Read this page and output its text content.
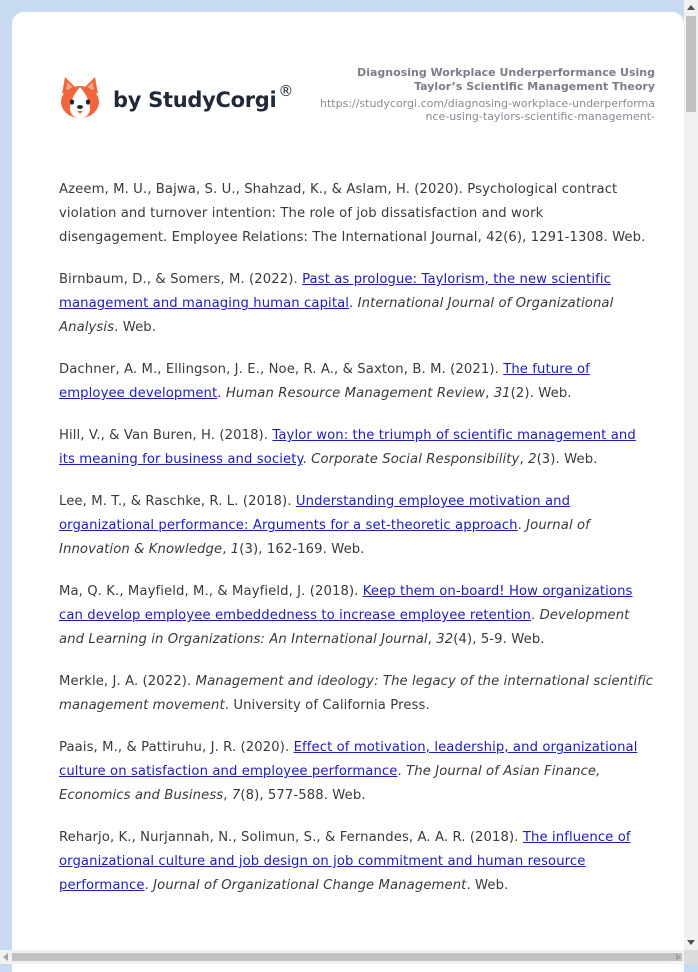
by StudyCorgi ®
Diagnosing Workplace Underperformance Using Taylor’s Scientific Management Theory
https://studycorgi.com/diagnosing-workplace-underperformance-using-taylors-scientific-management-

Azeem, M. U., Bajwa, S. U., Shahzad, K., & Aslam, H. (2020). Psychological contract violation and turnover intention: The role of job dissatisfaction and work disengagement. Employee Relations: The International Journal, 42(6), 1291-1308. Web.

Birnbaum, D., & Somers, M. (2022). Past as prologue: Taylorism, the new scientific management and managing human capital. International Journal of Organizational Analysis. Web.

Dachner, A. M., Ellingson, J. E., Noe, R. A., & Saxton, B. M. (2021). The future of employee development. Human Resource Management Review, 31(2). Web.

Hill, V., & Van Buren, H. (2018). Taylor won: the triumph of scientific management and its meaning for business and society. Corporate Social Responsibility, 2(3). Web.

Lee, M. T., & Raschke, R. L. (2018). Understanding employee motivation and organizational performance: Arguments for a set-theoretic approach. Journal of Innovation & Knowledge, 1(3), 162-169. Web.

Ma, Q. K., Mayfield, M., & Mayfield, J. (2018). Keep them on-board! How organizations can develop employee embeddedness to increase employee retention. Development and Learning in Organizations: An International Journal, 32(4), 5-9. Web.

Merkle, J. A. (2022). Management and ideology: The legacy of the international scientific management movement. University of California Press.

Paais, M., & Pattiruhu, J. R. (2020). Effect of motivation, leadership, and organizational culture on satisfaction and employee performance. The Journal of Asian Finance, Economics and Business, 7(8), 577-588. Web.

Reharjo, K., Nurjannah, N., Solimun, S., & Fernandes, A. A. R. (2018). The influence of organizational culture and job design on job commitment and human resource performance. Journal of Organizational Change Management. Web.
